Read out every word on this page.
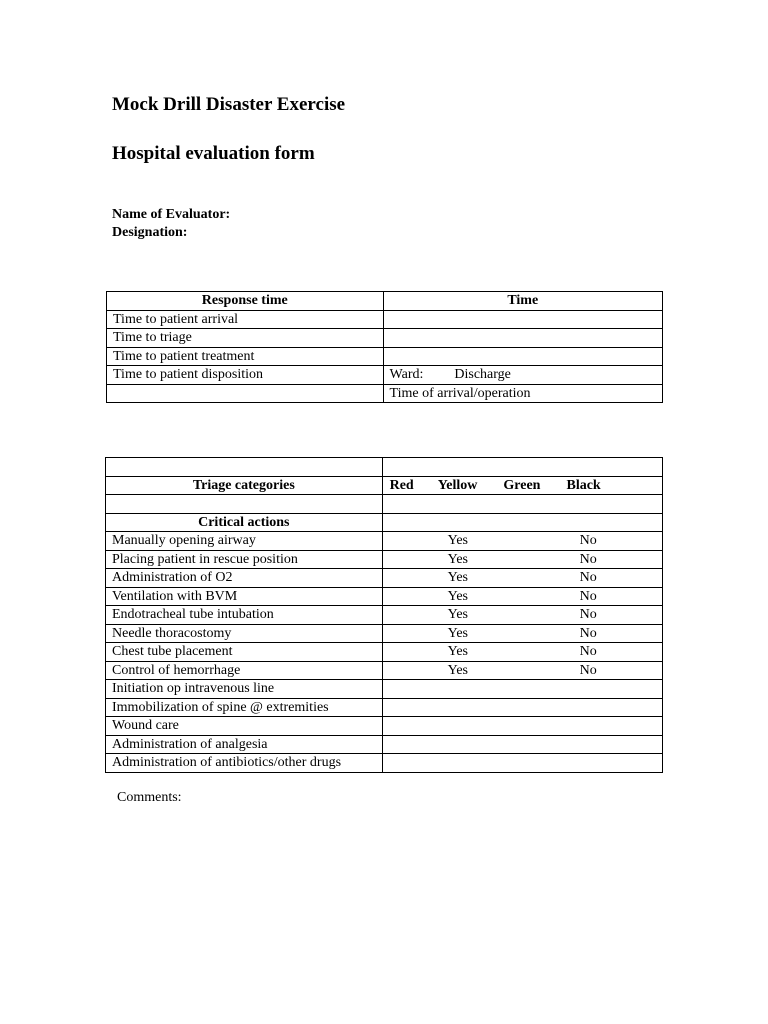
Mock Drill Disaster Exercise
Hospital evaluation form
Name of Evaluator:
Designation:
Response time	Time
Time to patient arrival	
Time to triage	
Time to patient treatment	
Time to patient disposition	Ward: Discharge

	Time of arrival/operation

Triage categories	Red Yellow Green Black

Critical actions	
Manually opening airway	Yes No

Placing patient in rescue position	Yes No

Administration of O2	Yes No

Ventilation with BVM	Yes No

Endotracheal tube intubation	Yes No

Needle thoracostomy	Yes No

Chest tube placement	Yes No

Control of hemorrhage	Yes No

Initiation op intravenous line	
Immobilization of spine @ extremities	
Wound care	
Administration of analgesia	
Administration of antibiotics/other drugs	
Comments:
